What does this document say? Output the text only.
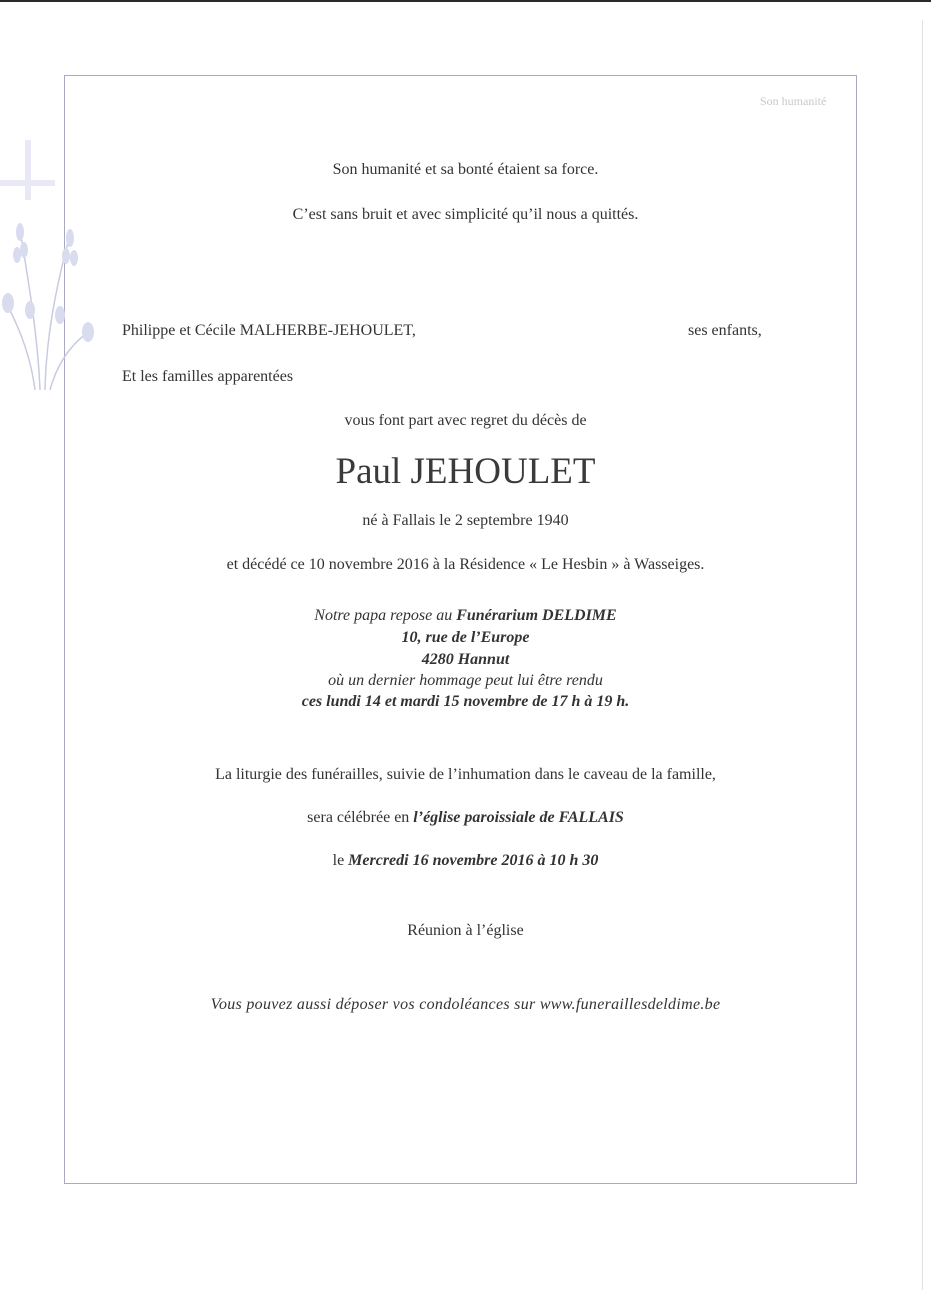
Son humanité
Son humanité et sa bonté étaient sa force.
C’est sans bruit et avec simplicité qu’il nous a quittés.
Philippe et Cécile MALHERBE-JEHOULET,	ses enfants,
Et les familles apparentées
vous font part avec regret du décès de
Paul JEHOULET
né à Fallais le 2 septembre 1940
et décédé ce 10 novembre 2016 à la Résidence « Le Hesbin » à Wasseiges.
Notre papa repose au Funérarium DELDIME
10, rue de l’Europe
4280 Hannut
où un dernier hommage peut lui être rendu
ces lundi 14 et mardi 15 novembre de 17 h à 19 h.
La liturgie des funérailles, suivie de l’inhumation dans le caveau de la famille,
sera célébrée en l’église paroissiale de FALLAIS
le Mercredi 16 novembre 2016 à 10 h 30
Réunion à l’église
Vous pouvez aussi déposer vos condoléances sur www.funeraillesdeldime.be
